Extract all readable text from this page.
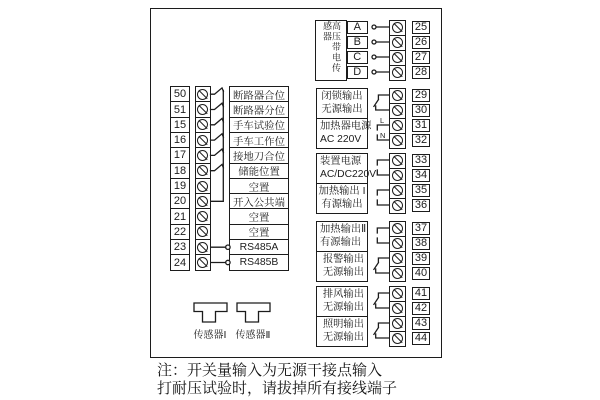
50
51
15
16
17
18
19
20
21
22
23
24
断路器合位
断路器分位
手车试验位
手车工作位
接地刀合位
储能位置
空置
开入公共端
空置
空置
RS485A
RS485B
高压带电传感器	A
B
C
D
25
26
27
28
29
30
31
32
33
34
35
36
37
38
39
40
41
42
43
44
闭锁输出
无源输出
加热器电源
AC 220V
装置电源
AC/DC220V
加热输出 I
有源输出
加热输出Ⅱ
有源输出
报警输出
无源输出
排风输出
无源输出
照明输出
无源输出
L
N
传感器Ⅰ 传感器Ⅱ
注：开关量输入为无源干接点输入
打耐压试验时，请拔掉所有接线端子
